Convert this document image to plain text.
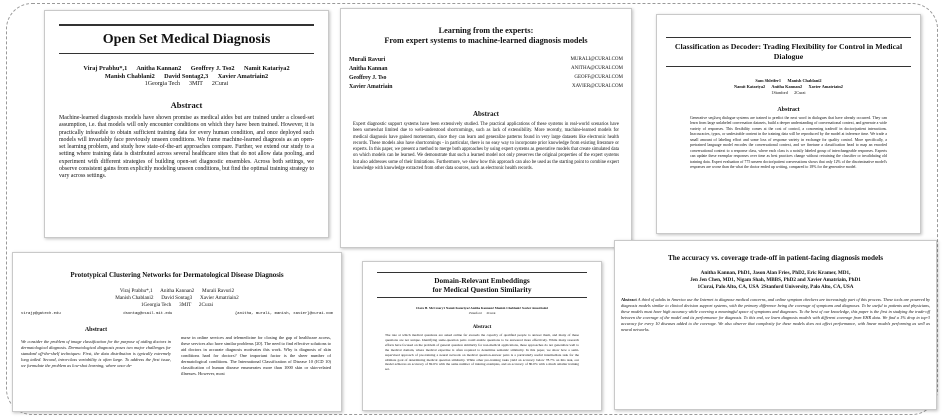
Open Set Medical Diagnosis
Viraj Prabhu*,1      Anitha Kannan2      Geoffrey J. Tso2      Namit Katariya2
Manish Chablani2      David Sontag2,3      Xavier Amatriain2
1Georgia Tech      3MIT      2Curai
Abstract
Machine-learned diagnosis models have shown promise as medical aides but are trained under a closed-set assumption, i.e. that models will only encounter conditions on which they have been trained. However, it is practically infeasible to obtain sufficient training data for every human condition, and once deployed such models will invariably face previously unseen conditions. We frame machine-learned diagnosis as an open-set learning problem, and study how state-of-the-art approaches compare. Further, we extend our study to a setting where training data is distributed across several healthcare sites that do not allow data pooling, and experiment with different strategies of building open-set diagnostic ensembles. Across both settings, we observe consistent gains from explicitly modeling unseen conditions, but find the optimal training strategy to vary across settings.
Learning from the experts:
From expert systems to machine-learned diagnosis models
Murali Ravuri	MURALI@CURAI.COM
Anitha Kannan	ANITHA@CURAI.COM
Geoffrey J. Tso	GEOFF@CURAI.COM
Xavier Amatriain	XAVIER@CURAI.COM
Abstract
Expert diagnostic support systems have been extensively studied. The practical applications of these systems in real-world scenarios have been somewhat limited due to well-understood shortcomings, such as lack of extensibility. More recently, machine-learned models for medical diagnosis have gained momentum, since they can learn and generalize patterns found in very large datasets like electronic health records. These models also have shortcomings - in particular, there is no easy way to incorporate prior knowledge from existing literature or experts. In this paper, we present a method to merge both approaches by using expert systems as generative models that create simulated data on which models can be learned. We demonstrate that such a learned model not only preserves the original properties of the expert systems but also addresses some of their limitations. Furthermore, we show how this approach can also be used as the starting point to combine expert knowledge with knowledge extracted from other data sources, such as electronic health records.
Classification as Decoder: Trading Flexibility for Control in Medical Dialogue
Sam Shleifer1      Manish Chablani2
Namit Katariya2      Anitha Kannan2      Xavier Amatriain2
1Stanford      2Curai
Abstract
Generative seq2seq dialogue systems are trained to predict the next word in dialogues that have already occurred. They can learn from large unlabeled conversation datasets, build a deeper understanding of conversational context, and generate a wide variety of responses. This flexibility comes at the cost of control, a concerning tradeoff in doctor/patient interactions. Inaccuracies, typos, or undesirable content in the training data will be reproduced by the model at inference time. We trade a small amount of labeling effort and some loss of response variety in exchange for quality control. More specifically, a pretrained language model encodes the conversational context, and we finetune a classification head to map an encoded conversational context to a response class, where each class is a noisily labeled group of interchangeable responses. Experts can update these exemplar responses over time as best practices change without retraining the classifier or invalidating old training data. Expert evaluation of 775 unseen doctor/patient conversations shows that only 12% of the discriminative model's responses are worse than the what the doctor ended up writing, compared to 18% for the generative model.
Prototypical Clustering Networks for Dermatological Disease Diagnosis
Viraj Prabhu*,1      Anitha Kannan2      Murali Ravuri2
Manish Chablani2      David Sontag3      Xavier Amatriain2
1Georgia Tech      3MIT      2Curai
virajp@gatech.edu	dsontag@csail.mit.edu	{anitha, murali, manish, xavier}@curai.com
Abstract
We consider the problem of image classification for the purpose of aiding doctors in dermatological diagnosis. Dermatological diagnosis poses two major challenges for standard off-the-shelf techniques: First, the data distribution is typically extremely long tailed. Second, intra-class variability is often large. To address the first issue, we formulate the problem as low-shot learning, where once de-
nurse in online services and telemedicine for closing the gap of healthcare access, these services also have similar problems [20]. The need to find effective solutions to aid doctors in accurate diagnosis motivates this work. Why is diagnosis of skin conditions hard for doctors? One important factor is the sheer number of dermatological conditions. The International Classification of Disease 10 (ICD 10) classification of human disease enumerates more than 1000 skin or skin-related illnesses. However, most
Domain-Relevant Embeddings
for Medical Question Similarity
Clara H. McCreery1 Namit Katariya2 Anitha Kannan2 Manish Chablani2 Xavier Amatriain2
1Stanford      2Curai
Abstract
The rate at which medical questions are asked online far exceeds the capacity of qualified people to answer them, and many of these questions are not unique. Identifying same-question pairs could enable questions to be answered more effectively. While many research efforts have focused on the problem of general question similarity for non-medical applications, these approaches do not generalize well to the medical domain, where medical expertise is often required to determine semantic similarity. In this paper, we show how a semi-supervised approach of pre-training a neural network on medical question-answer pairs is a particularly useful intermediate task for the ultimate goal of determining medical question similarity. While other pre-training tasks yield an accuracy below 78.7% on this task, our model achieves an accuracy of 82.6% with the same number of training examples, and an accuracy of 80.0% with a much smaller training set.
The accuracy vs. coverage trade-off in patient-facing diagnosis models
Anitha Kannan, PhD1, Jason Alan Fries, PhD2, Eric Kramer, MD1,
Jen Jen Chen, MD1, Nigam Shah, MBBS, PhD2 and Xavier Amatriain, PhD1
1Curai, Palo Alto, CA, USA  2Stanford University, Palo Alto, CA, USA
Abstract A third of adults in America use the Internet to diagnose medical concerns, and online symptom checkers are increasingly part of this process. These tools are powered by diagnosis models similar to clinical decision support systems, with the primary difference being the coverage of symptoms and diagnoses. To be useful to patients and physicians, these models must have high accuracy while covering a meaningful space of symptoms and diagnoses. To the best of our knowledge, this paper is the first in studying the trade-off between the coverage of the model and its performance for diagnosis. To this end, we learn diagnosis models with different coverage from EHR data. We find a 1% drop in top-3 accuracy for every 10 diseases added to the coverage. We also observe that complexity for these models does not affect performance, with linear models performing as well as neural networks.
